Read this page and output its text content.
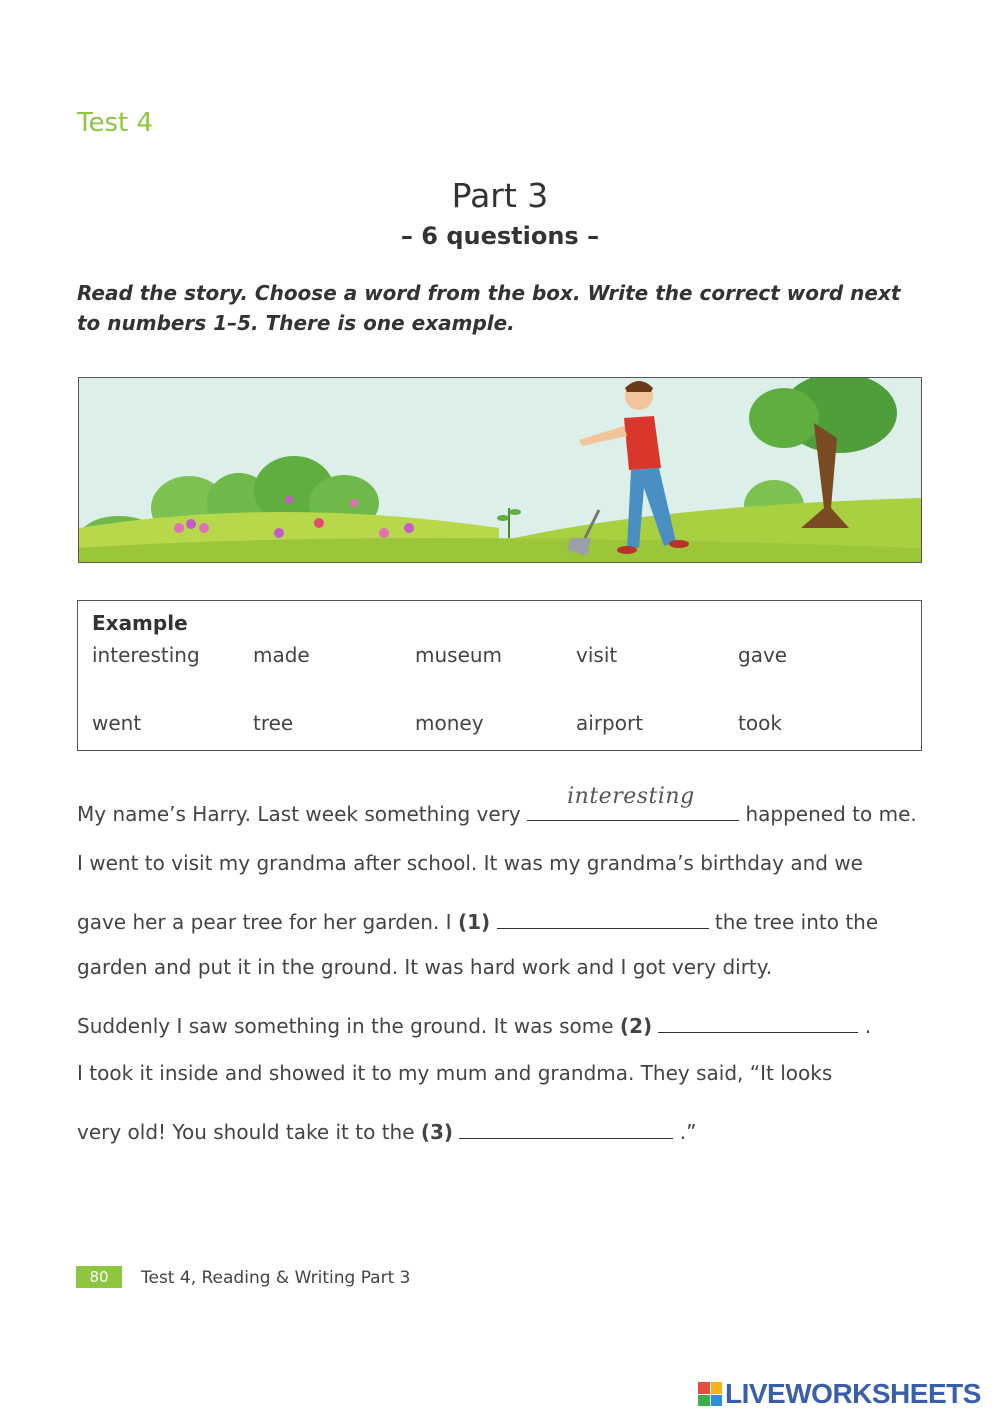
Test 4
Part 3
– 6 questions –
Read the story. Choose a word from the box. Write the correct word next to numbers 1–5. There is one example.
Example
interesting	made	museum	visit	gave
went	tree	money	airport	took
My name’s Harry. Last week something very
interesting
happened to me.
I went to visit my grandma after school. It was my grandma’s birthday and we
gave her a pear tree for her garden. I (1)	the tree into the
garden and put it in the ground. It was hard work and I got very dirty.
Suddenly I saw something in the ground. It was some (2)	.
I took it inside and showed it to my mum and grandma. They said, “It looks
very old! You should take it to the (3)	.”
80	Test 4, Reading & Writing Part 3
LIVEWORKSHEETS
